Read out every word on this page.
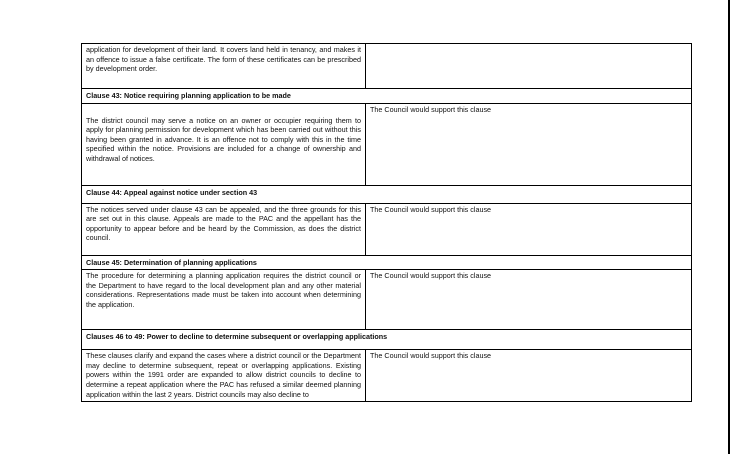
application for development of their land. It covers land held in tenancy, and makes it an offence to issue a false certificate. The form of these certificates can be prescribed by development order.	
Clause 43: Notice requiring planning application to be made	

The district council may serve a notice on an owner or occupier requiring them to apply for planning permission for development which has been carried out without this having been granted in advance. It is an offence not to comply with this in the time specified within the notice. Provisions are included for a change of ownership and withdrawal of notices.	The Council would support this clause
Clause 44: Appeal against notice under section 43	
The notices served under clause 43 can be appealed, and the three grounds for this are set out in this clause. Appeals are made to the PAC and the appellant has the opportunity to appear before and be heard by the Commission, as does the district council.	The Council would support this clause
Clause 45: Determination of planning applications	
The procedure for determining a planning application requires the district council or the Department to have regard to the local development plan and any other material considerations. Representations made must be taken into account when determining the application.	The Council would support this clause
Clauses 46 to 49: Power to decline to determine subsequent or overlapping applications	
These clauses clarify and expand the cases where a district council or the Department may decline to determine subsequent, repeat or overlapping applications. Existing powers within the 1991 order are expanded to allow district councils to decline to determine a repeat application where the PAC has refused a similar deemed planning application within the last 2 years. District councils may also decline to	The Council would support this clause
